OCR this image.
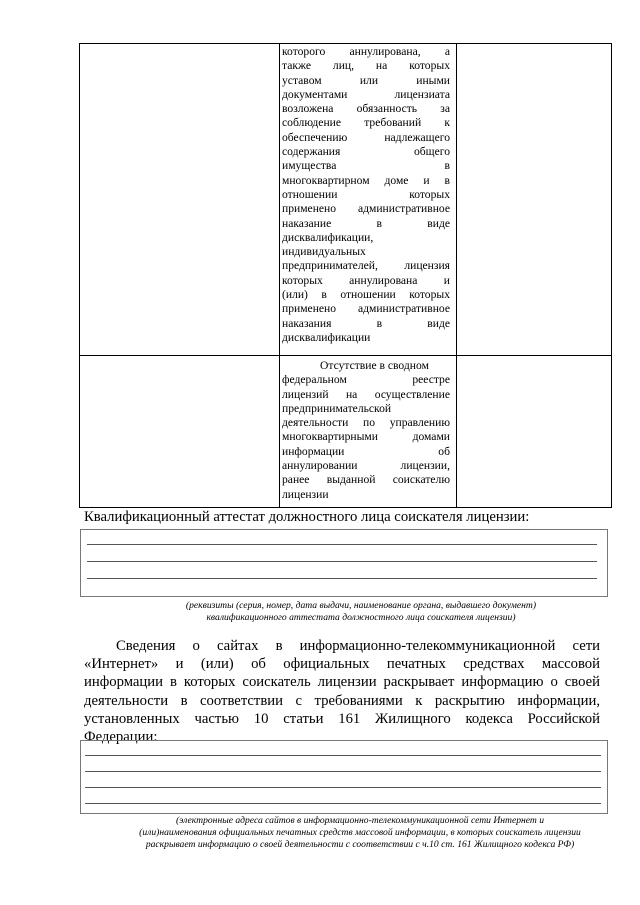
которого аннулирована, а
также лиц, на которых
уставом или иными
документами лицензиата
возложена обязанность за
соблюдение требований к
обеспечению надлежащего
содержания общего
имущества в
многоквартирном доме и в
отношении которых
применено административное
наказание в виде
дисквалификации,
индивидуальных
предпринимателей, лицензия
которых аннулирована и
(или) в отношении которых
применено административное
наказания в виде
дисквалификации
Отсутствие в сводном
федеральном реестре
лицензий на осуществление
предпринимательской
деятельности по управлению
многоквартирными домами
информации об
аннулировании лицензии,
ранее выданной соискателю
лицензии
Квалификационный аттестат должностного лица соискателя лицензии:
(реквизиты (серия, номер, дата выдачи, наименование органа, выдавшего документ)
квалификационного аттестата должностного лица соискателя лицензии)
Сведения о сайтах в информационно-телекоммуникационной сети
«Интернет» и (или) об официальных печатных средствах массовой
информации в которых соискатель лицензии раскрывает информацию о своей
деятельности в соответствии с требованиями к раскрытию информации,
установленных частью 10 статьи 161 Жилищного кодекса Российской
Федерации:
(электронные адреса сайтов в информационно-телекоммуникационной сети Интернет и
(или)наименования официальных печатных средств массовой информации, в которых соискатель лицензии
раскрывает информацию о своей деятельности с соответствии с ч.10 ст. 161 Жилищного кодекса РФ)
